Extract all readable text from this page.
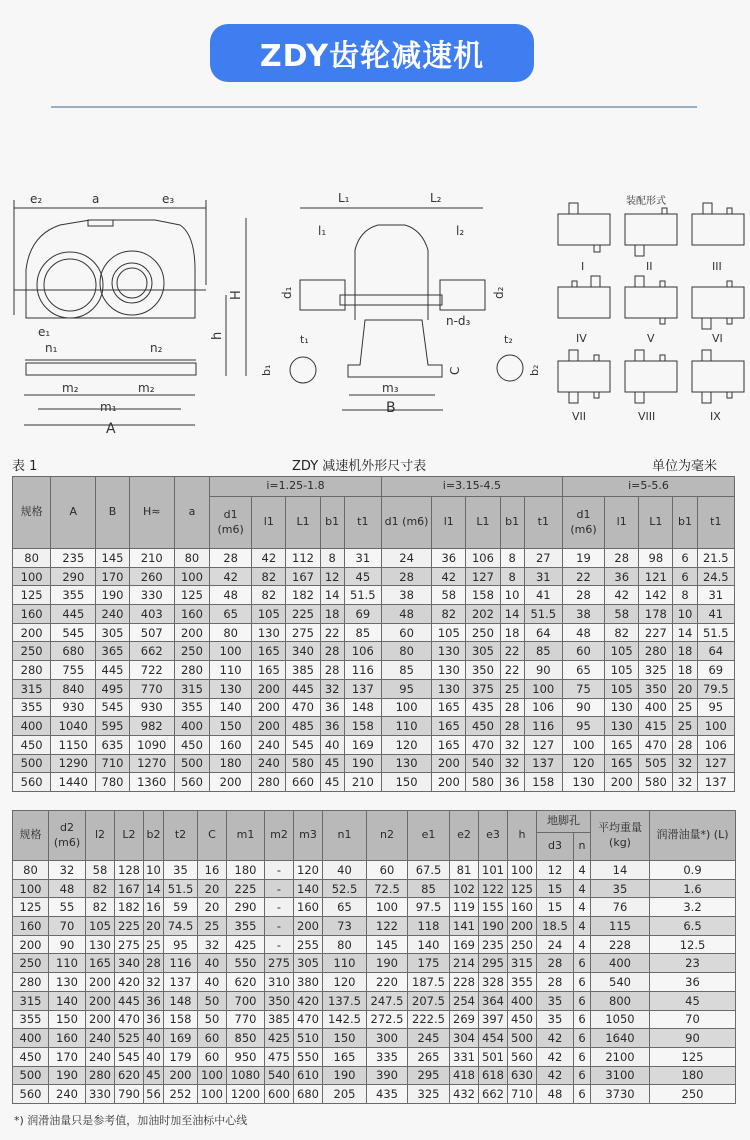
ZDY齿轮减速机
e₂	a	e₃
H
h
e₁
n₁	n₂
m₂	m₂
m₁
A
L₁	L₂
l₁	l₂
d₁	d₂
n-d₃
t₁	t₂
b₁	b₂
C
m₃
B
装配形式
I	II	III
IV	V	VI
VII	VIII	IX
表 1	ZDY 减速机外形尺寸表	单位为毫米
规格	A	B	H≈	a	i=1.25-1.8					i=3.15-4.5					i=5-5.6				
					d1 (m6)	l1	L1	b1	t1	d1 (m6)	l1	L1	b1	t1	d1 (m6)	l1	L1	b1	t1
80	235	145	210	80	28	42	112	8	31	24	36	106	8	27	19	28	98	6	21.5
100	290	170	260	100	42	82	167	12	45	28	42	127	8	31	22	36	121	6	24.5
125	355	190	330	125	48	82	182	14	51.5	38	58	158	10	41	28	42	142	8	31
160	445	240	403	160	65	105	225	18	69	48	82	202	14	51.5	38	58	178	10	41
200	545	305	507	200	80	130	275	22	85	60	105	250	18	64	48	82	227	14	51.5
250	680	365	662	250	100	165	340	28	106	80	130	305	22	85	60	105	280	18	64
280	755	445	722	280	110	165	385	28	116	85	130	350	22	90	65	105	325	18	69
315	840	495	770	315	130	200	445	32	137	95	130	375	25	100	75	105	350	20	79.5
355	930	545	930	355	140	200	470	36	148	100	165	435	28	106	90	130	400	25	95
400	1040	595	982	400	150	200	485	36	158	110	165	450	28	116	95	130	415	25	100
450	1150	635	1090	450	160	240	545	40	169	120	165	470	32	127	100	165	470	28	106
500	1290	710	1270	500	180	240	580	45	190	130	200	540	32	137	120	165	505	32	127
560	1440	780	1360	560	200	280	660	45	210	150	200	580	36	158	130	200	580	32	137
规格	d2 (m6)	l2	L2	b2	t2	C	m1	m2	m3	n1	n2	e1	e2	e3	h	地脚孔		平均重量 (kg)	润滑油量*) (L)
																d3	n		
80	32	58	128	10	35	16	180	-	120	40	60	67.5	81	101	100	12	4	14	0.9
100	48	82	167	14	51.5	20	225	-	140	52.5	72.5	85	102	122	125	15	4	35	1.6
125	55	82	182	16	59	20	290	-	160	65	100	97.5	119	155	160	15	4	76	3.2
160	70	105	225	20	74.5	25	355	-	200	73	122	118	141	190	200	18.5	4	115	6.5
200	90	130	275	25	95	32	425	-	255	80	145	140	169	235	250	24	4	228	12.5
250	110	165	340	28	116	40	550	275	305	110	190	175	214	295	315	28	6	400	23
280	130	200	420	32	137	40	620	310	380	120	220	187.5	228	328	355	28	6	540	36
315	140	200	445	36	148	50	700	350	420	137.5	247.5	207.5	254	364	400	35	6	800	45
355	150	200	470	36	158	50	770	385	470	142.5	272.5	222.5	269	397	450	35	6	1050	70
400	160	240	525	40	169	60	850	425	510	150	300	245	304	454	500	42	6	1640	90
450	170	240	545	40	179	60	950	475	550	165	335	265	331	501	560	42	6	2100	125
500	190	280	620	45	200	100	1080	540	610	190	390	295	418	618	630	42	6	3100	180
560	240	330	790	56	252	100	1200	600	680	205	435	325	432	662	710	48	6	3730	250
*) 润滑油量只是参考值，加油时加至油标中心线
